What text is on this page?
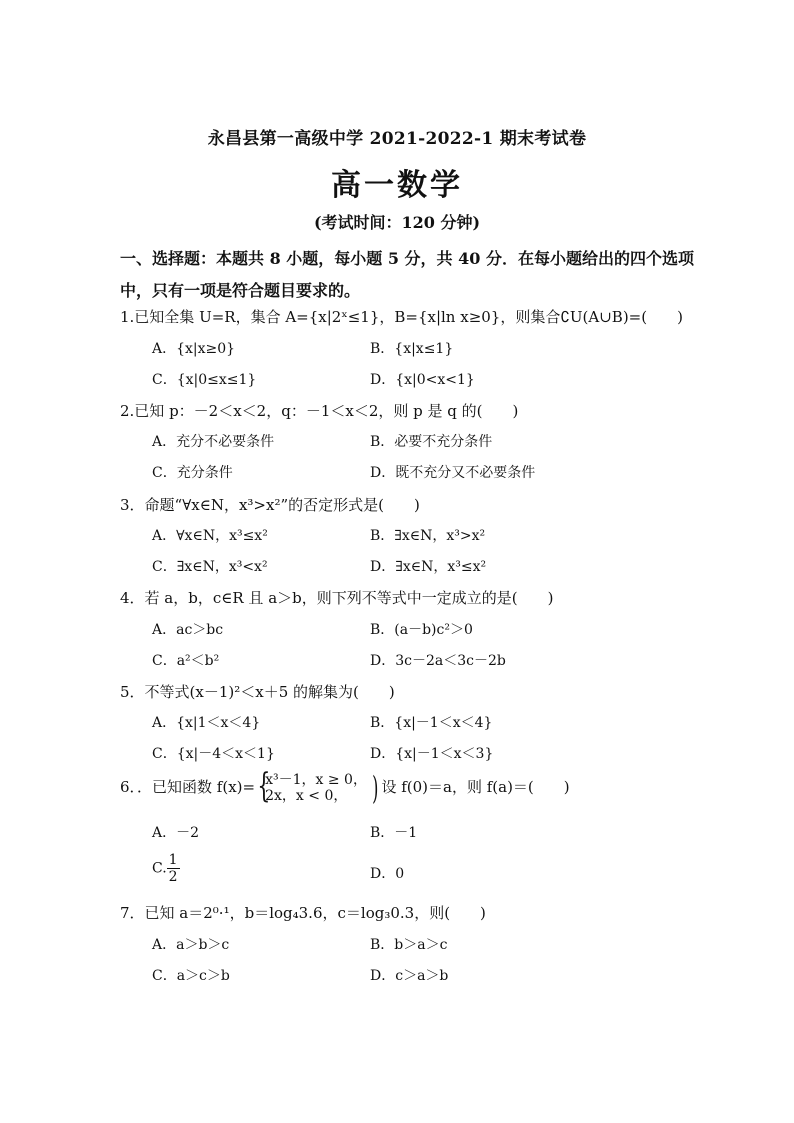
永昌县第一高级中学 2021-2022-1 期末考试卷
高一数学
(考试时间：120 分钟)
一、选择题：本题共 8 小题，每小题 5 分，共 40 分．在每小题给出的四个选项
中，只有一项是符合题目要求的。
1.已知全集 U=R，集合 A={x|2ˣ≤1}，B={x|ln x≥0}，则集合∁U(A∪B)=(　　)
A．{x|x≥0}	B．{x|x≤1}
C．{x|0≤x≤1}	D．{x|0<x<1}
2.已知 p：－2＜x＜2，q：－1＜x＜2，则 p 是 q 的(　　)
A．充分不必要条件	B．必要不充分条件
C．充分条件	D．既不充分又不必要条件
3．命题“∀x∈N，x³>x²”的否定形式是(　　)
A．∀x∈N，x³≤x²	B．∃x∈N，x³>x²
C．∃x∈N，x³<x²	D．∃x∈N，x³≤x²
4．若 a，b，c∈R 且 a＞b，则下列不等式中一定成立的是(　　)
A．ac＞bc	B．(a－b)c²＞0
C．a²＜b²	D．3c－2a＜3c－2b
5．不等式(x－1)²＜x＋5 的解集为(　　)
A．{x|1＜x＜4}	B．{x|－1＜x＜4}
C．{x|－4＜x＜1}	D．{x|－1＜x＜3}
6．．已知函数 f(x)=
{ x³－1，x ≥ 0，
2x，x < 0， ) 设 f(0)＝a，则 f(a)＝(　　)
A．－2	B．－1
C. $\frac{1}{2}$	D．0
7．已知 a＝2⁰·¹，b＝log₄3.6，c＝log₃0.3，则(　　)
A．a＞b＞c	B．b＞a＞c
C．a＞c＞b	D．c＞a＞b
